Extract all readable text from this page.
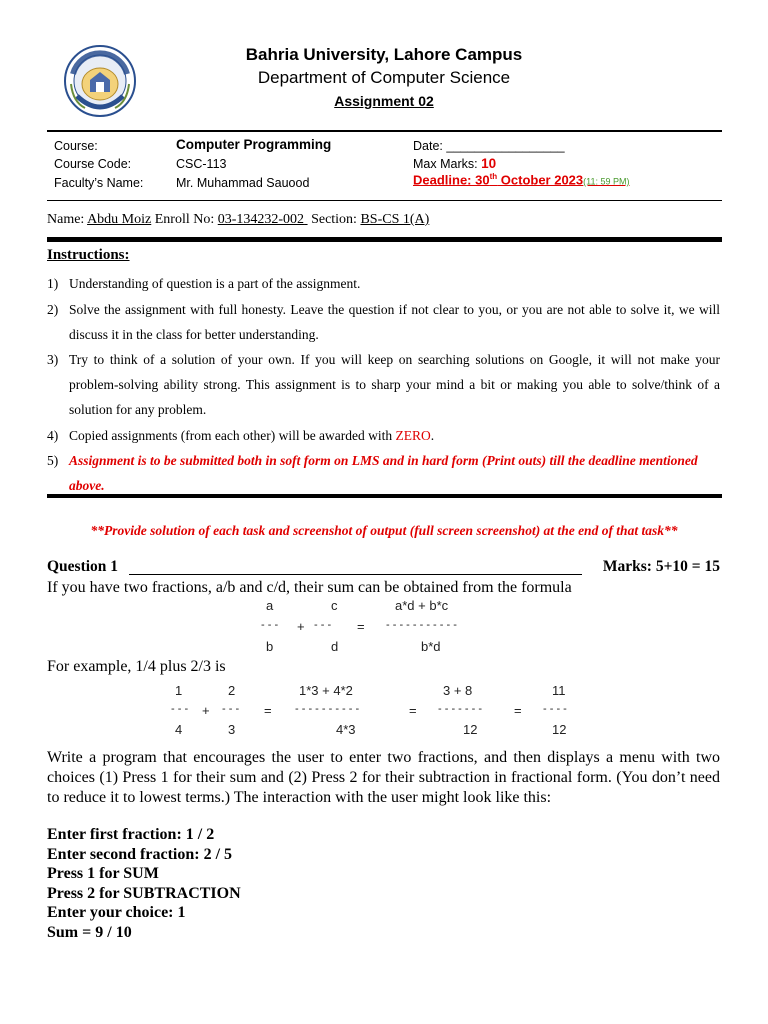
Bahria University, Lahore Campus
Department of Computer Science
Assignment 02
Course:	Computer Programming
Course Code:	CSC-113
Faculty’s Name:	Mr. Muhammad Sauood
Date: _________________
Max Marks: 10
Deadline: 30th October 2023(11: 59 PM)
Name: Abdu Moiz Enroll No: 03-134232-002 Section: BS-CS 1(A)
Instructions:
1) Understanding of question is a part of the assignment.
2) Solve the assignment with full honesty. Leave the question if not clear to you, or you are not able to solve it, we will discuss it in the class for better understanding.
3) Try to think of a solution of your own. If you will keep on searching solutions on Google, it will not make your problem-solving ability strong. This assignment is to sharp your mind a bit or making you able to solve/think of a solution for any problem.
4) Copied assignments (from each other) will be awarded with ZERO.
5) Assignment is to be submitted both in soft form on LMS and in hard form (Print outs) till the deadline mentioned above.
**Provide solution of each task and screenshot of output (full screen screenshot) at the end of that task**
Question 1	Marks: 5+10 = 15
If you have two fractions, a/b and c/d, their sum can be obtained from the formula
a	c	a*d + b*c
- - - + - - - = - - - - - - - - - - -
b	d	b*d
For example, 1/4 plus 2/3 is
1	2	1*3 + 4*2	3 + 8	11
- - - + - - - = - - - - - - - - - -	= - - - - - - - = - - - -
4	3	4*3	12	12
Write a program that encourages the user to enter two fractions, and then displays a menu with two choices (1) Press 1 for their sum and (2) Press 2 for their subtraction in fractional form. (You don’t need to reduce it to lowest terms.) The interaction with the user might look like this:
Enter first fraction: 1 / 2
Enter second fraction: 2 / 5
Press 1 for SUM
Press 2 for SUBTRACTION
Enter your choice: 1
Sum = 9 / 10
